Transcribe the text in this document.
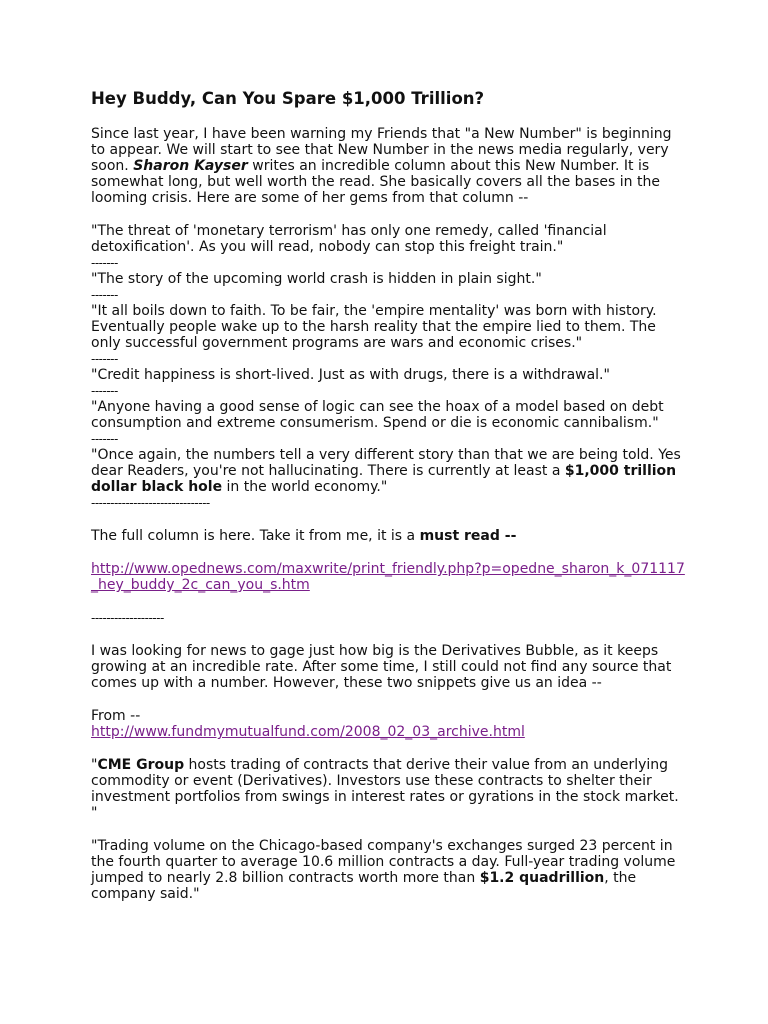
Hey Buddy, Can You Spare $1,000 Trillion?

Since last year, I have been warning my Friends that "a New Number" is beginning to appear. We will start to see that New Number in the news media regularly, very soon. Sharon Kayser writes an incredible column about this New Number. It is somewhat long, but well worth the read. She basically covers all the bases in the looming crisis. Here are some of her gems from that column --

"The threat of 'monetary terrorism' has only one remedy, called 'financial detoxification'. As you will read, nobody can stop this freight train."

-------

"The story of the upcoming world crash is hidden in plain sight."

-------

"It all boils down to faith. To be fair, the 'empire mentality' was born with history. Eventually people wake up to the harsh reality that the empire lied to them. The only successful government programs are wars and economic crises."

-------

"Credit happiness is short-lived. Just as with drugs, there is a withdrawal."

-------

"Anyone having a good sense of logic can see the hoax of a model based on debt consumption and extreme consumerism. Spend or die is economic cannibalism."

-------

"Once again, the numbers tell a very different story than that we are being told. Yes dear Readers, you're not hallucinating. There is currently at least a $1,000 trillion dollar black hole in the world economy."

-------------------------------

The full column is here. Take it from me, it is a must read --

http://www.opednews.com/maxwrite/print_friendly.php?p=opedne_sharon_k_071117
_hey_buddy_2c_can_you_s.htm

-------------------

I was looking for news to gage just how big is the Derivatives Bubble, as it keeps growing at an incredible rate. After some time, I still could not find any source that comes up with a number. However, these two snippets give us an idea --

From --

http://www.fundmymutualfund.com/2008_02_03_archive.html

"CME Group hosts trading of contracts that derive their value from an underlying commodity or event (Derivatives). Investors use these contracts to shelter their investment portfolios from swings in interest rates or gyrations in the stock market.
"

"Trading volume on the Chicago-based company's exchanges surged 23 percent in the fourth quarter to average 10.6 million contracts a day. Full-year trading volume jumped to nearly 2.8 billion contracts worth more than $1.2 quadrillion, the company said."
